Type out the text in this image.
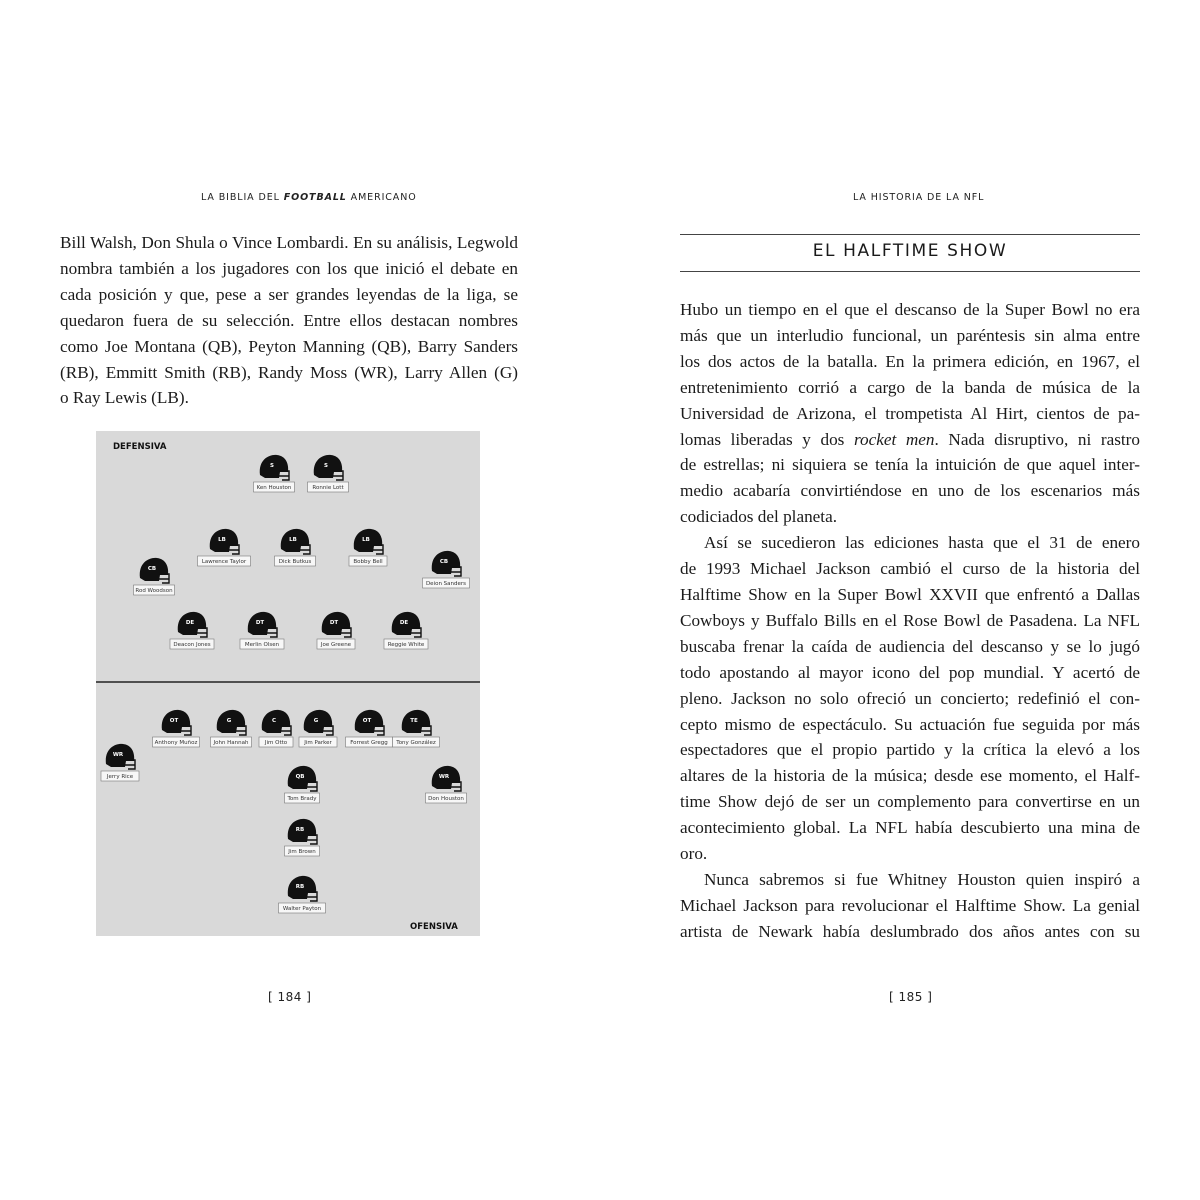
LA BIBLIA DEL FOOTBALL AMERICANO

Bill Walsh, Don Shula o Vince Lombardi. En su análisis, Legwold
nombra también a los jugadores con los que inició el debate en
cada posición y que, pese a ser grandes leyendas de la liga, se
quedaron fuera de su selección. Entre ellos destacan nombres
como Joe Montana (QB), Peyton Manning (QB), Barry Sanders
(RB), Emmitt Smith (RB), Randy Moss (WR), Larry Allen (G)
o Ray Lewis (LB).

DEFENSIVA
OFENSIVA
S
Ken Houston
S
Ronnie Lott
LB
Lawrence Taylor
LB
Dick Butkus
LB
Bobby Bell
CB
Rod Woodson
CB
Deion Sanders
DE
Deacon Jones
DT
Merlin Olsen
DT
Joe Greene
DE
Reggie White
OT
Anthony Muñoz
G
John Hannah
C
Jim Otto
G
Jim Parker
OT
Forrest Gregg
TE
Tony González
WR
Jerry Rice	QB
Tom Brady
WR
Don Houston
RB
Jim Brown
RB
Walter Payton
[ 184 ]
LA HISTORIA DE LA NFL
EL HALFTIME SHOW

Hubo un tiempo en el que el descanso de la Super Bowl no era
más que un interludio funcional, un paréntesis sin alma entre
los dos actos de la batalla. En la primera edición, en 1967, el
entretenimiento corrió a cargo de la banda de música de la
Universidad de Arizona, el trompetista Al Hirt, cientos de pa-
lomas liberadas y dos rocket men. Nada disruptivo, ni rastro
de estrellas; ni siquiera se tenía la intuición de que aquel inter-
medio acabaría convirtiéndose en uno de los escenarios más
codiciados del planeta.

Así se sucedieron las ediciones hasta que el 31 de enero
de 1993 Michael Jackson cambió el curso de la historia del
Halftime Show en la Super Bowl XXVII que enfrentó a Dallas
Cowboys y Buffalo Bills en el Rose Bowl de Pasadena. La NFL
buscaba frenar la caída de audiencia del descanso y se lo jugó
todo apostando al mayor icono del pop mundial. Y acertó de
pleno. Jackson no solo ofreció un concierto; redefinió el con-
cepto mismo de espectáculo. Su actuación fue seguida por más
espectadores que el propio partido y la crítica la elevó a los
altares de la historia de la música; desde ese momento, el Half-
time Show dejó de ser un complemento para convertirse en un
acontecimiento global. La NFL había descubierto una mina de
oro.

Nunca sabremos si fue Whitney Houston quien inspiró a
Michael Jackson para revolucionar el Halftime Show. La genial
artista de Newark había deslumbrado dos años antes con su

[ 185 ]
